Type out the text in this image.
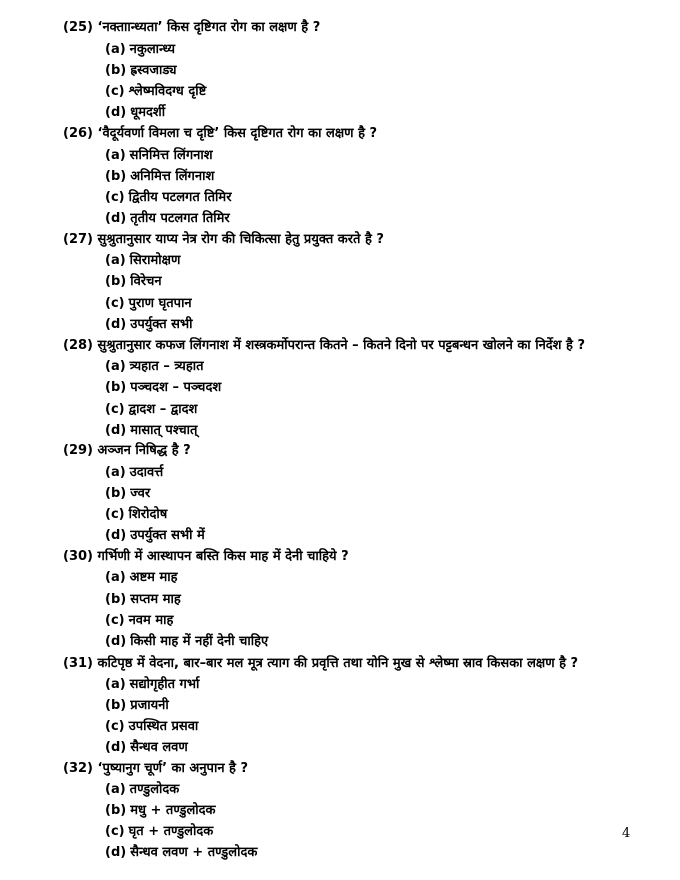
(25) ‘नक्ताान्ध्यता’ किस दृष्टिगत रोग का लक्षण है ?
(a) नकुलान्ध्य
(b) ह्रस्वजाड्य
(c) श्लेष्मविदग्ध दृष्टि
(d) धूमदर्शी
(26) ‘वैदूर्यवर्णा विमला च दृष्टि’ किस दृष्टिगत रोग का लक्षण है ?
(a) सनिमित्त लिंगनाश
(b) अनिमित्त लिंगनाश
(c) द्वितीय पटलगत तिमिर
(d) तृतीय पटलगत तिमिर
(27) सुश्रुतानुसार याप्य नेत्र रोग की चिकित्सा हेतु प्रयुक्त करते है ?
(a) सिरामोक्षण
(b) विरेचन
(c) पुराण घृतपान
(d) उपर्युक्त सभी
(28) सुश्रुतानुसार कफज लिंगनाश में शस्त्रकर्मोपरान्त कितने – कितने दिनो पर पट्टबन्धन खोलने का निर्देश है ?
(a) त्र्यहात – त्र्यहात
(b) पञ्चदश – पञ्चदश
(c) द्वादश – द्वादश
(d) मासात् पश्चात्
(29) अञ्जन निषिद्ध है ?
(a) उदावर्त्त
(b) ज्वर
(c) शिरोदोष
(d) उपर्युक्त सभी में
(30) गर्भिणी में आस्थापन बस्ति किस माह में देनी चाहिये ?
(a) अष्टम माह
(b) सप्तम माह
(c) नवम माह
(d) किसी माह में नहीं देनी चाहिए
(31) कटिपृष्ठ में वेदना, बार–बार मल मूत्र त्याग की प्रवृत्ति तथा योनि मुख से श्लेष्मा स्राव किसका लक्षण है ?
(a) सद्योगृहीत गर्भा
(b) प्रजायनी
(c) उपस्थित प्रसवा
(d) सैन्धव लवण
(32) ‘पुष्यानुग चूर्ण’ का अनुपान है ?
(a) तण्डुलोदक
(b) मधु + तण्डुलोदक
(c) घृत + तण्डुलोदक
(d) सैन्धव लवण + तण्डुलोदक
4
